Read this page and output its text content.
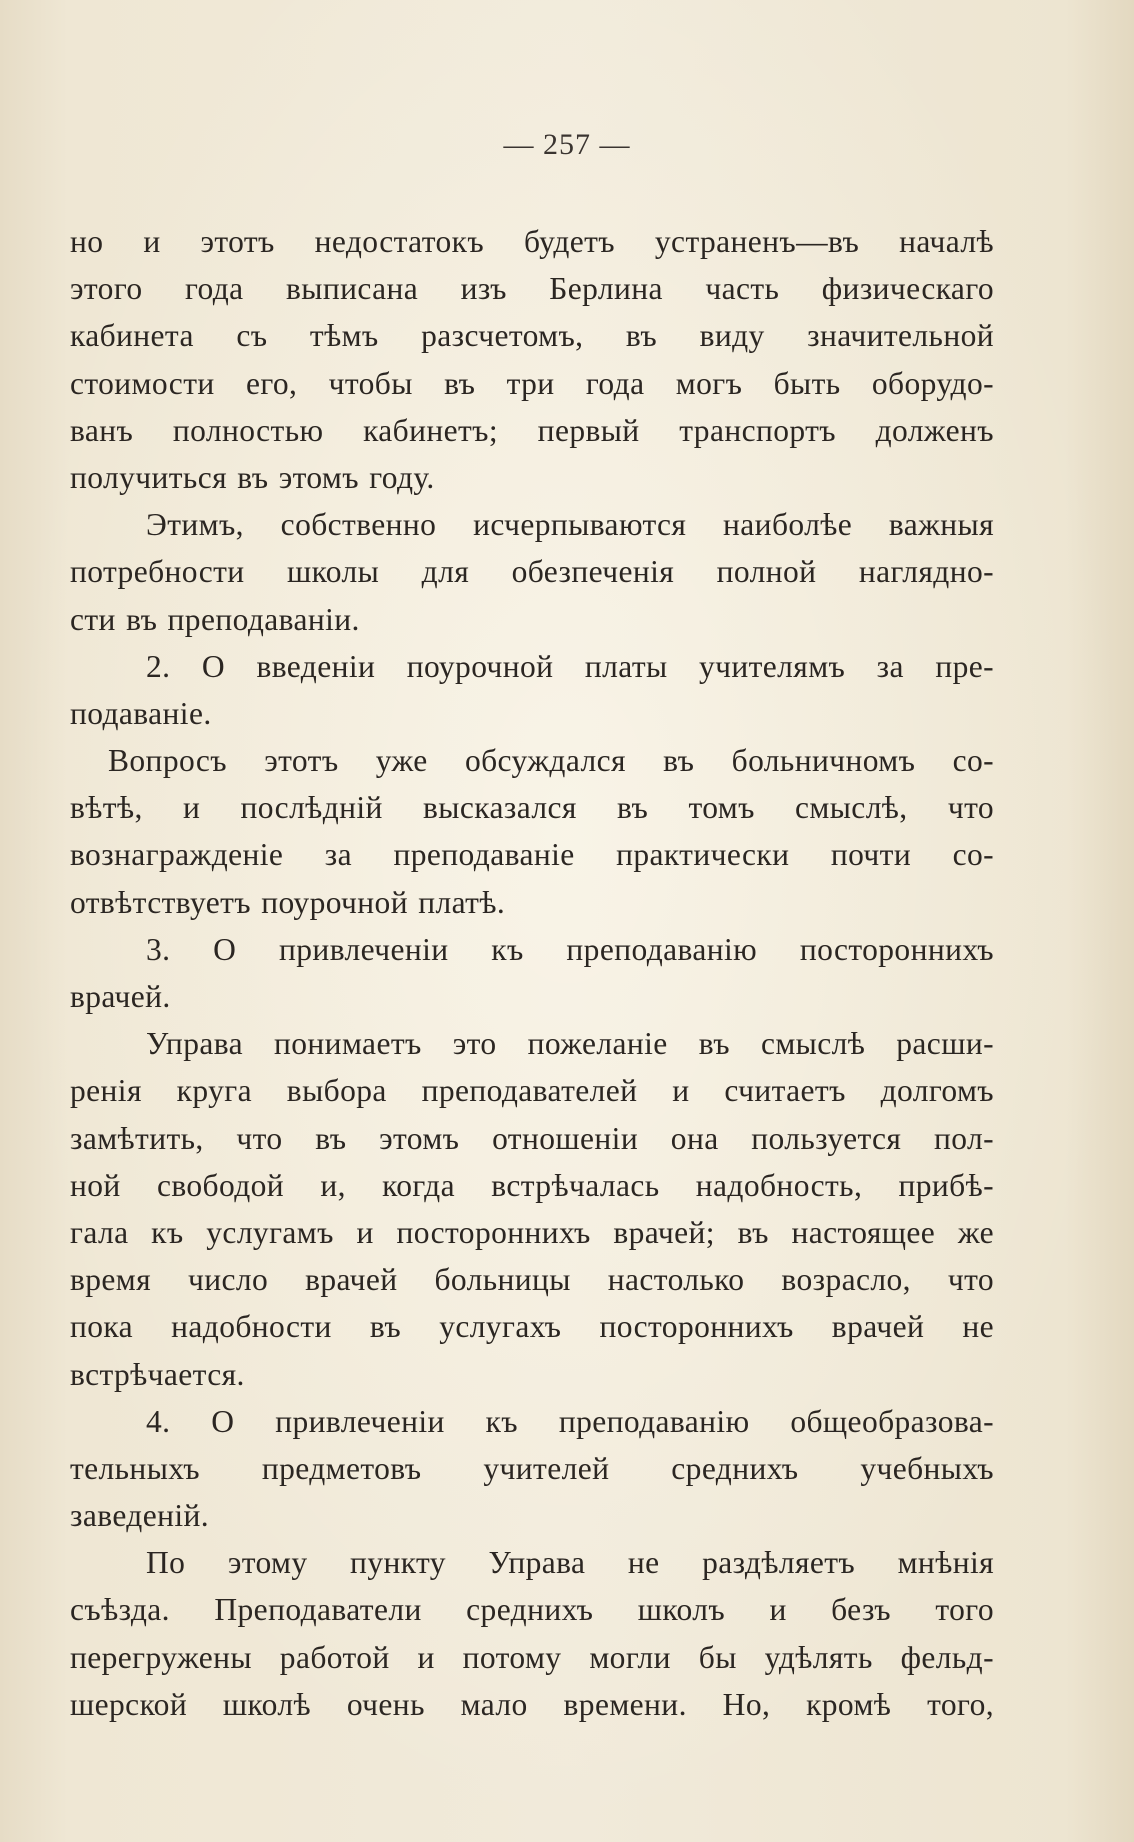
— 257 —
но и этотъ недостатокъ будетъ устраненъ—въ началѣ
этого года выписана изъ Берлина часть физическаго
кабинета съ тѣмъ разсчетомъ, въ виду значительной
стоимости его, чтобы въ три года могъ быть оборудо-
ванъ полностью кабинетъ; первый транспортъ долженъ
получиться въ этомъ году.
Этимъ, собственно исчерпываются наиболѣе важныя
потребности школы для обезпеченія полной наглядно-
сти въ преподаваніи.
2. О введеніи поурочной платы учителямъ за пре-
подаваніе.
Вопросъ этотъ уже обсуждался въ больничномъ со-
вѣтѣ, и послѣдній высказался въ томъ смыслѣ, что
вознагражденіе за преподаваніе практически почти со-
отвѣтствуетъ поурочной платѣ.
3. О привлеченіи къ преподаванію постороннихъ
врачей.
Управа понимаетъ это пожеланіе въ смыслѣ расши-
ренія круга выбора преподавателей и считаетъ долгомъ
замѣтить, что въ этомъ отношеніи она пользуется пол-
ной свободой и, когда встрѣчалась надобность, прибѣ-
гала къ услугамъ и постороннихъ врачей; въ настоящее же
время число врачей больницы настолько возрасло, что
пока надобности въ услугахъ постороннихъ врачей не
встрѣчается.
4. О привлеченіи къ преподаванію общеобразова-
тельныхъ предметовъ учителей среднихъ учебныхъ
заведеній.
По этому пункту Управа не раздѣляетъ мнѣнія
съѣзда. Преподаватели среднихъ школъ и безъ того
перегружены работой и потому могли бы удѣлять фельд-
шерской школѣ очень мало времени. Но, кромѣ того,
